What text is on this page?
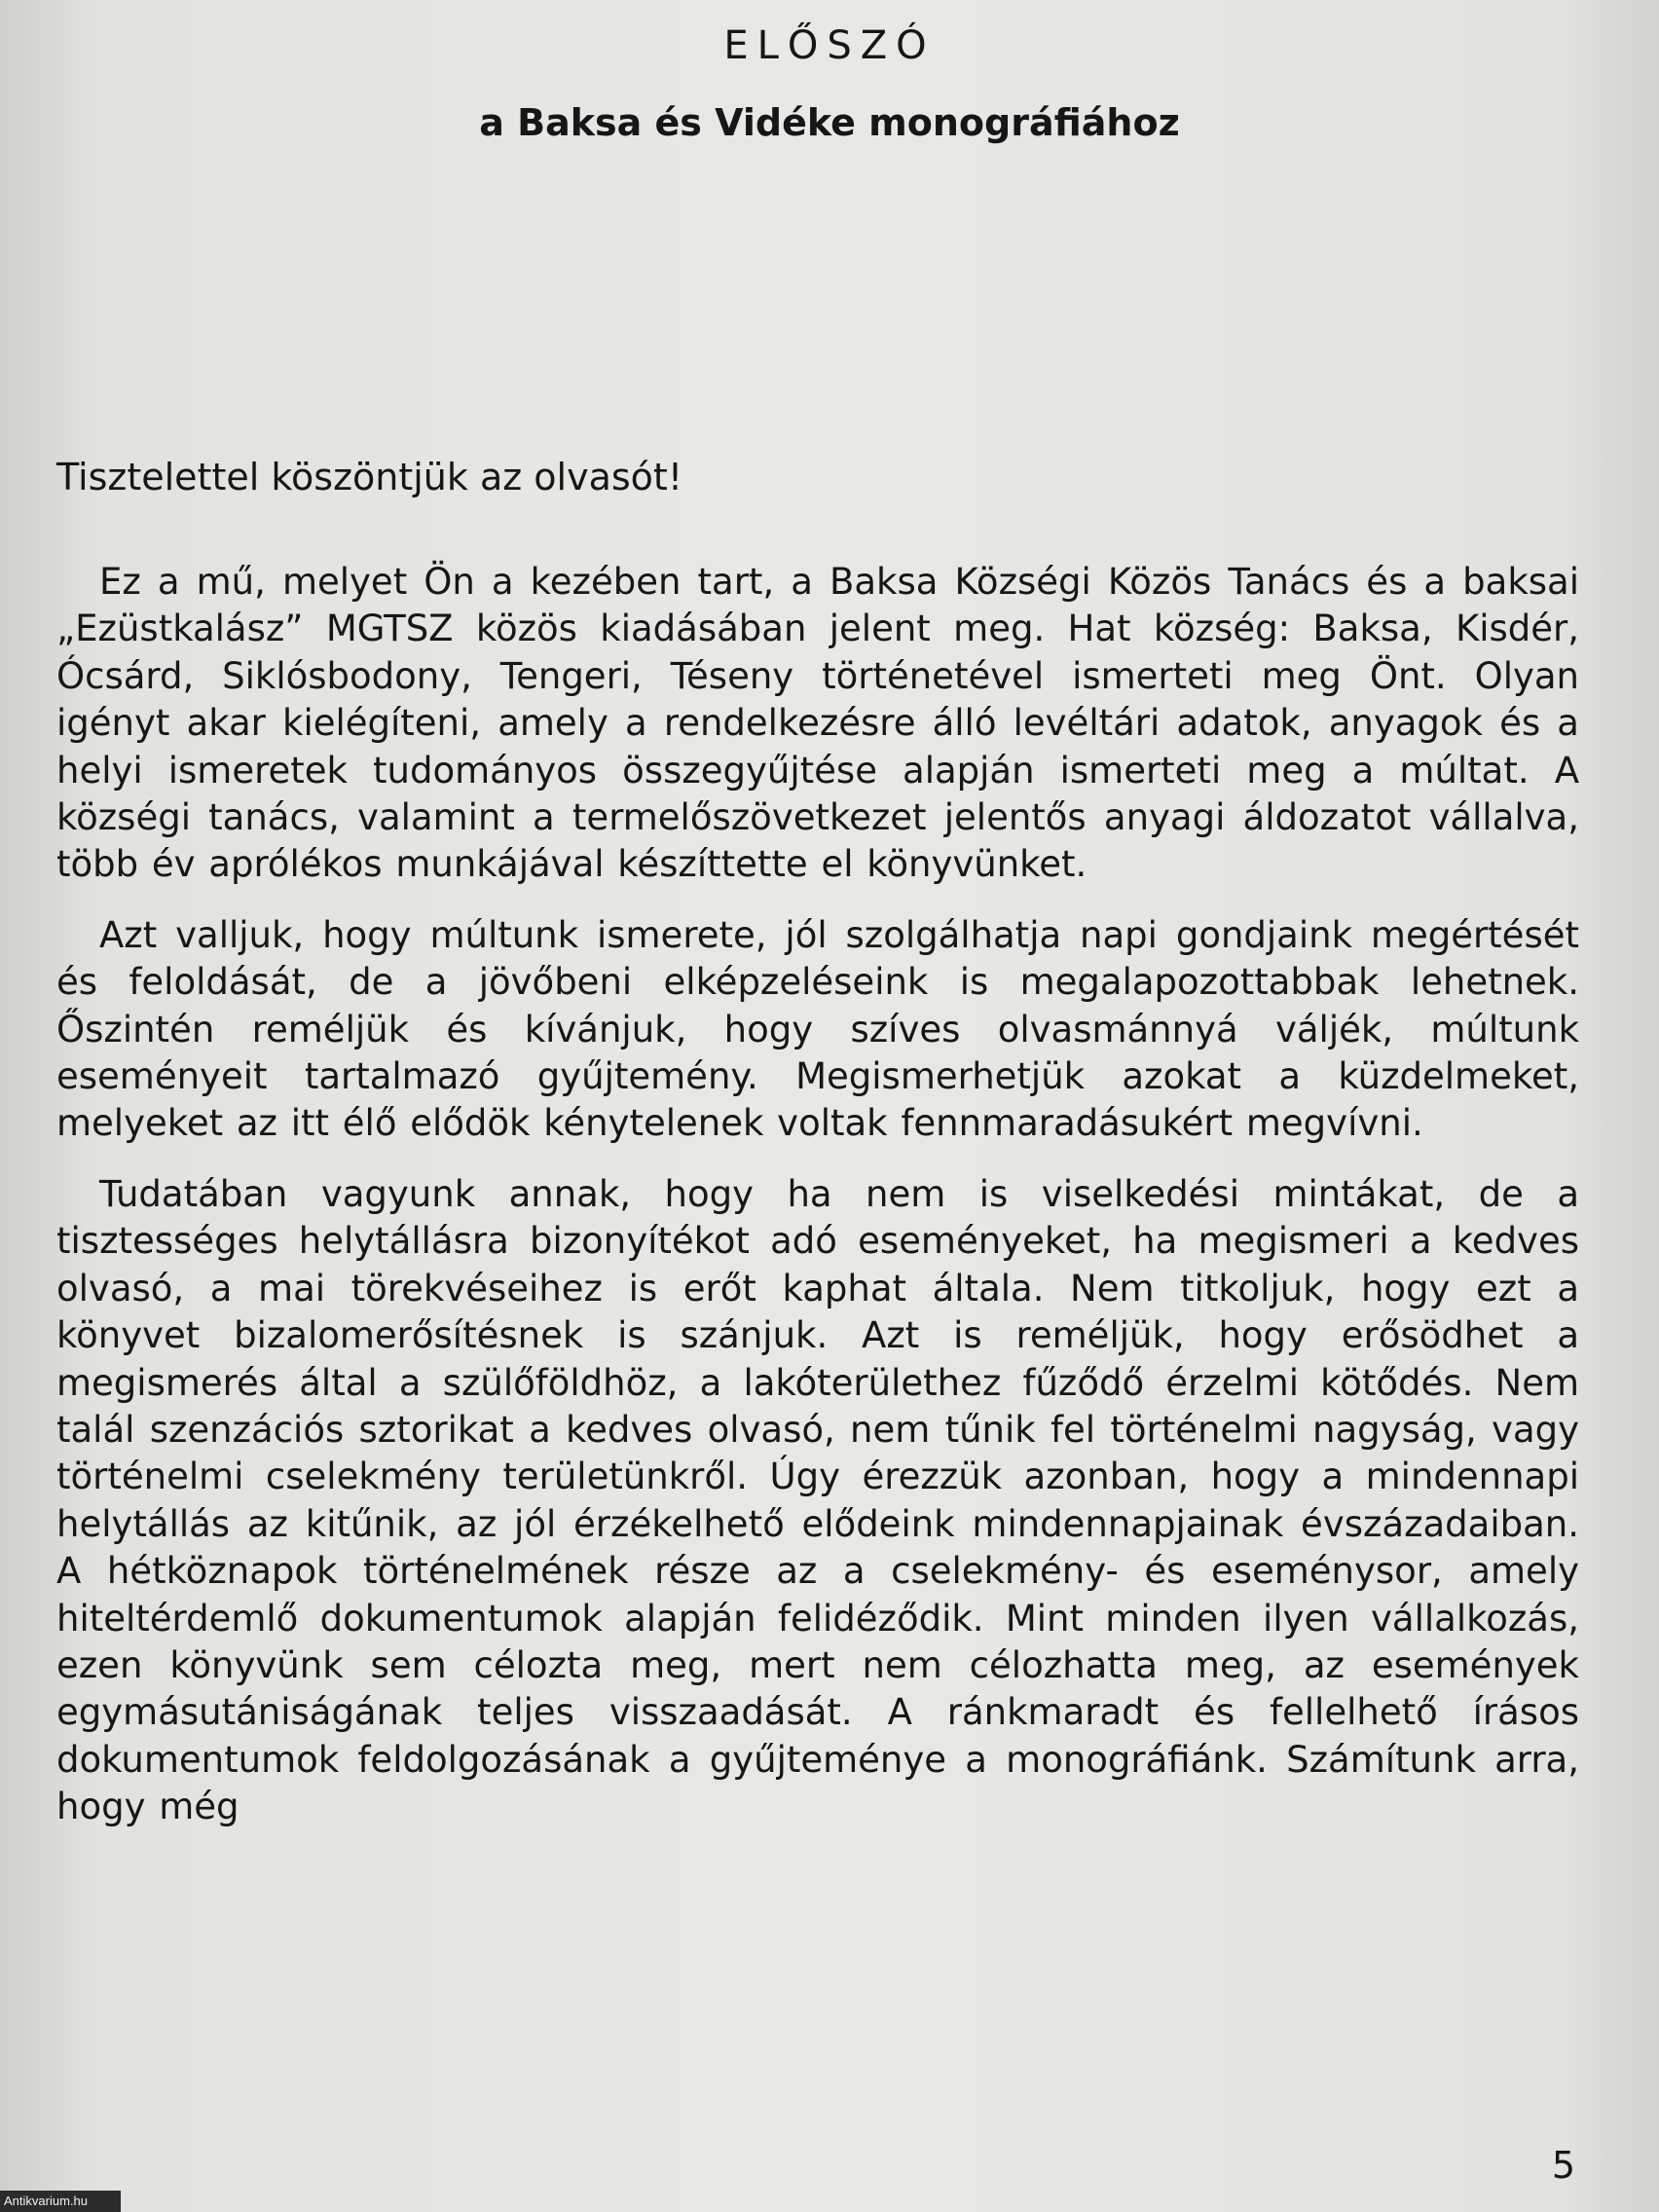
ELŐSZÓ
a Baksa és Vidéke monográfiához

Tisztelettel köszöntjük az olvasót!

Ez a mű, melyet Ön a kezében tart, a Baksa Községi Közös Tanács és a baksai „Ezüstkalász” MGTSZ közös kiadásában jelent meg. Hat község: Baksa, Kisdér, Ócsárd, Siklósbodony, Tengeri, Téseny történetével ismerteti meg Önt. Olyan igényt akar kielégíteni, amely a rendelkezésre álló levéltári adatok, anyagok és a helyi ismeretek tudományos összegyűjtése alapján ismerteti meg a múltat. A községi tanács, valamint a termelőszövetkezet jelentős anyagi áldozatot vállalva, több év aprólékos munkájával készíttette el könyvünket.

Azt valljuk, hogy múltunk ismerete, jól szolgálhatja napi gondjaink megértését és feloldását, de a jövőbeni elképzeléseink is megalapozottabbak lehetnek. Őszintén reméljük és kívánjuk, hogy szíves olvasmánnyá váljék, múltunk eseményeit tartalmazó gyűjtemény. Megismerhetjük azokat a küzdelmeket, melyeket az itt élő elődök kénytelenek voltak fennmaradásukért megvívni.

Tudatában vagyunk annak, hogy ha nem is viselkedési mintákat, de a tisztességes helytállásra bizonyítékot adó eseményeket, ha megismeri a kedves olvasó, a mai törekvéseihez is erőt kaphat általa. Nem titkoljuk, hogy ezt a könyvet bizalomerősítésnek is szánjuk. Azt is reméljük, hogy erősödhet a megismerés által a szülőföldhöz, a lakóterülethez fűződő érzelmi kötődés. Nem talál szenzációs sztorikat a kedves olvasó, nem tűnik fel történelmi nagyság, vagy történelmi cselekmény területünkről. Úgy érezzük azonban, hogy a mindennapi helytállás az kitűnik, az jól érzékelhető elődeink mindennapjainak évszázadaiban. A hétköznapok történelmének része az a cselekmény- és eseménysor, amely hiteltérdemlő dokumentumok alapján felidéződik. Mint minden ilyen vállalkozás, ezen könyvünk sem célozta meg, mert nem célozhatta meg, az események egymásutániságának teljes visszaadását. A ránkmaradt és fellelhető írásos dokumentumok feldolgozásának a gyűjteménye a monográfiánk. Számítunk arra, hogy még

5

Antikvarium.hu
